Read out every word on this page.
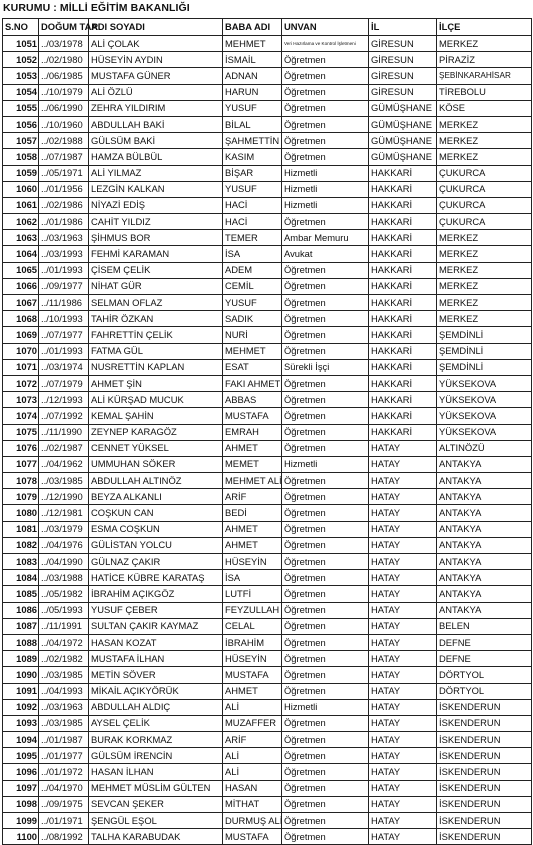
KURUMU : MİLLİ EĞİTİM BAKANLIĞI
S.NO	DOĞUM TAR.	ADI SOYADI	BABA ADI	UNVAN	İL	İLÇE
1051	../03/1978	ALİ ÇOLAK	MEHMET	Veri Hazırlama ve Kontrol İşletmeni	GİRESUN	MERKEZ
1052	../02/1980	HÜSEYİN AYDIN	İSMAİL	Öğretmen	GİRESUN	PİRAZİZ
1053	../06/1985	MUSTAFA GÜNER	ADNAN	Öğretmen	GİRESUN	ŞEBİNKARAHİSAR
1054	../10/1979	ALİ ÖZLÜ	HARUN	Öğretmen	GİRESUN	TİREBOLU
1055	../06/1990	ZEHRA YILDIRIM	YUSUF	Öğretmen	GÜMÜŞHANE	KÖSE
1056	../10/1960	ABDULLAH BAKİ	BİLAL	Öğretmen	GÜMÜŞHANE	MERKEZ
1057	../02/1988	GÜLSÜM BAKİ	ŞAHMETTİN	Öğretmen	GÜMÜŞHANE	MERKEZ
1058	../07/1987	HAMZA BÜLBÜL	KASIM	Öğretmen	GÜMÜŞHANE	MERKEZ
1059	../05/1971	ALİ YILMAZ	BİŞAR	Hizmetli	HAKKARİ	ÇUKURCA
1060	../01/1956	LEZGİN KALKAN	YUSUF	Hizmetli	HAKKARİ	ÇUKURCA
1061	../02/1986	NİYAZİ EDİŞ	HACİ	Hizmetli	HAKKARİ	ÇUKURCA
1062	../01/1986	CAHİT YILDIZ	HACİ	Öğretmen	HAKKARİ	ÇUKURCA
1063	../03/1963	ŞİHMUS BOR	TEMER	Ambar Memuru	HAKKARİ	MERKEZ
1064	../03/1993	FEHMİ KARAMAN	İSA	Avukat	HAKKARİ	MERKEZ
1065	../01/1993	ÇİSEM ÇELİK	ADEM	Öğretmen	HAKKARİ	MERKEZ
1066	../09/1977	NİHAT GÜR	CEMİL	Öğretmen	HAKKARİ	MERKEZ
1067	../11/1986	SELMAN OFLAZ	YUSUF	Öğretmen	HAKKARİ	MERKEZ
1068	../10/1993	TAHİR ÖZKAN	SADIK	Öğretmen	HAKKARİ	MERKEZ
1069	../07/1977	FAHRETTİN ÇELİK	NURİ	Öğretmen	HAKKARİ	ŞEMDİNLİ
1070	../01/1993	FATMA GÜL	MEHMET	Öğretmen	HAKKARİ	ŞEMDİNLİ
1071	../03/1974	NUSRETTİN KAPLAN	ESAT	Sürekli İşçi	HAKKARİ	ŞEMDİNLİ
1072	../07/1979	AHMET ŞİN	FAKI AHMET	Öğretmen	HAKKARİ	YÜKSEKOVA
1073	../12/1993	ALİ KÜRŞAD MUCUK	ABBAS	Öğretmen	HAKKARİ	YÜKSEKOVA
1074	../07/1992	KEMAL ŞAHİN	MUSTAFA	Öğretmen	HAKKARİ	YÜKSEKOVA
1075	../11/1990	ZEYNEP KARAGÖZ	EMRAH	Öğretmen	HAKKARİ	YÜKSEKOVA
1076	../02/1987	CENNET YÜKSEL	AHMET	Öğretmen	HATAY	ALTINÖZÜ
1077	../04/1962	UMMUHAN SÖKER	MEMET	Hizmetli	HATAY	ANTAKYA
1078	../03/1985	ABDULLAH ALTINÖZ	MEHMET ALİ	Öğretmen	HATAY	ANTAKYA
1079	../12/1990	BEYZA ALKANLI	ARİF	Öğretmen	HATAY	ANTAKYA
1080	../12/1981	COŞKUN CAN	BEDİ	Öğretmen	HATAY	ANTAKYA
1081	../03/1979	ESMA COŞKUN	AHMET	Öğretmen	HATAY	ANTAKYA
1082	../04/1976	GÜLİSTAN YOLCU	AHMET	Öğretmen	HATAY	ANTAKYA
1083	../04/1990	GÜLNAZ ÇAKIR	HÜSEYİN	Öğretmen	HATAY	ANTAKYA
1084	../03/1988	HATİCE KÜBRE KARATAŞ	İSA	Öğretmen	HATAY	ANTAKYA
1085	../05/1982	İBRAHİM AÇIKGÖZ	LUTFİ	Öğretmen	HATAY	ANTAKYA
1086	../05/1993	YUSUF ÇEBER	FEYZULLAH	Öğretmen	HATAY	ANTAKYA
1087	../11/1991	SULTAN ÇAKIR KAYMAZ	CELAL	Öğretmen	HATAY	BELEN
1088	../04/1972	HASAN KOZAT	İBRAHİM	Öğretmen	HATAY	DEFNE
1089	../02/1982	MUSTAFA İLHAN	HÜSEYİN	Öğretmen	HATAY	DEFNE
1090	../03/1985	METİN SÖVER	MUSTAFA	Öğretmen	HATAY	DÖRTYOL
1091	../04/1993	MİKAİL AÇIKYÖRÜK	AHMET	Öğretmen	HATAY	DÖRTYOL
1092	../03/1963	ABDULLAH ALDIÇ	ALİ	Hizmetli	HATAY	İSKENDERUN
1093	../03/1985	AYSEL ÇELİK	MUZAFFER	Öğretmen	HATAY	İSKENDERUN
1094	../01/1987	BURAK KORKMAZ	ARİF	Öğretmen	HATAY	İSKENDERUN
1095	../01/1977	GÜLSÜM İRENCİN	ALİ	Öğretmen	HATAY	İSKENDERUN
1096	../01/1972	HASAN İLHAN	ALİ	Öğretmen	HATAY	İSKENDERUN
1097	../04/1970	MEHMET MÜSLİM GÜLTEN	HASAN	Öğretmen	HATAY	İSKENDERUN
1098	../09/1975	SEVCAN ŞEKER	MİTHAT	Öğretmen	HATAY	İSKENDERUN
1099	../01/1971	ŞENGÜL EŞOL	DURMUŞ ALİ	Öğretmen	HATAY	İSKENDERUN
1100	../08/1992	TALHA KARABUDAK	MUSTAFA	Öğretmen	HATAY	İSKENDERUN
